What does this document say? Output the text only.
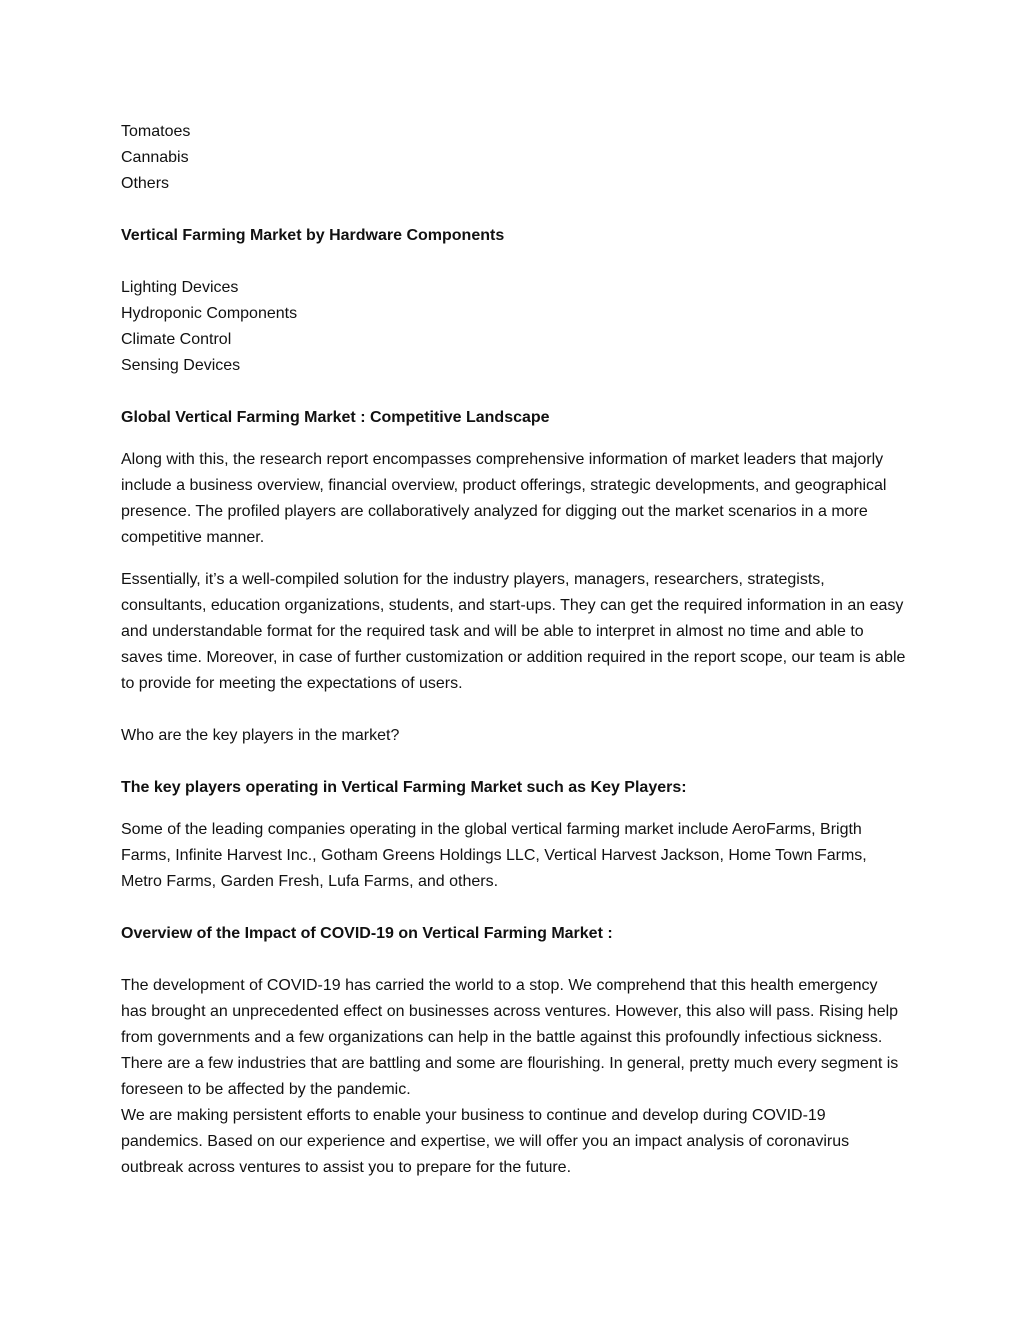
Tomatoes

Cannabis

Others

Vertical Farming Market by Hardware Components

Lighting Devices

Hydroponic Components

Climate Control

Sensing Devices

Global Vertical Farming Market : Competitive Landscape

Along with this, the research report encompasses comprehensive information of market leaders that majorly include a business overview, financial overview, product offerings, strategic developments, and geographical presence. The profiled players are collaboratively analyzed for digging out the market scenarios in a more competitive manner.

Essentially, it’s a well-compiled solution for the industry players, managers, researchers, strategists, consultants, education organizations, students, and start-ups. They can get the required information in an easy and understandable format for the required task and will be able to interpret in almost no time and able to saves time. Moreover, in case of further customization or addition required in the report scope, our team is able to provide for meeting the expectations of users.

Who are the key players in the market?

The key players operating in Vertical Farming Market such as Key Players:

Some of the leading companies operating in the global vertical farming market include AeroFarms, Brigth Farms, Infinite Harvest Inc., Gotham Greens Holdings LLC, Vertical Harvest Jackson, Home Town Farms, Metro Farms, Garden Fresh, Lufa Farms, and others.

Overview of the Impact of COVID-19 on Vertical Farming Market :

The development of COVID-19 has carried the world to a stop. We comprehend that this health emergency has brought an unprecedented effect on businesses across ventures. However, this also will pass. Rising help from governments and a few organizations can help in the battle against this profoundly infectious sickness. There are a few industries that are battling and some are flourishing. In general, pretty much every segment is foreseen to be affected by the pandemic.

We are making persistent efforts to enable your business to continue and develop during COVID-19 pandemics. Based on our experience and expertise, we will offer you an impact analysis of coronavirus outbreak across ventures to assist you to prepare for the future.
